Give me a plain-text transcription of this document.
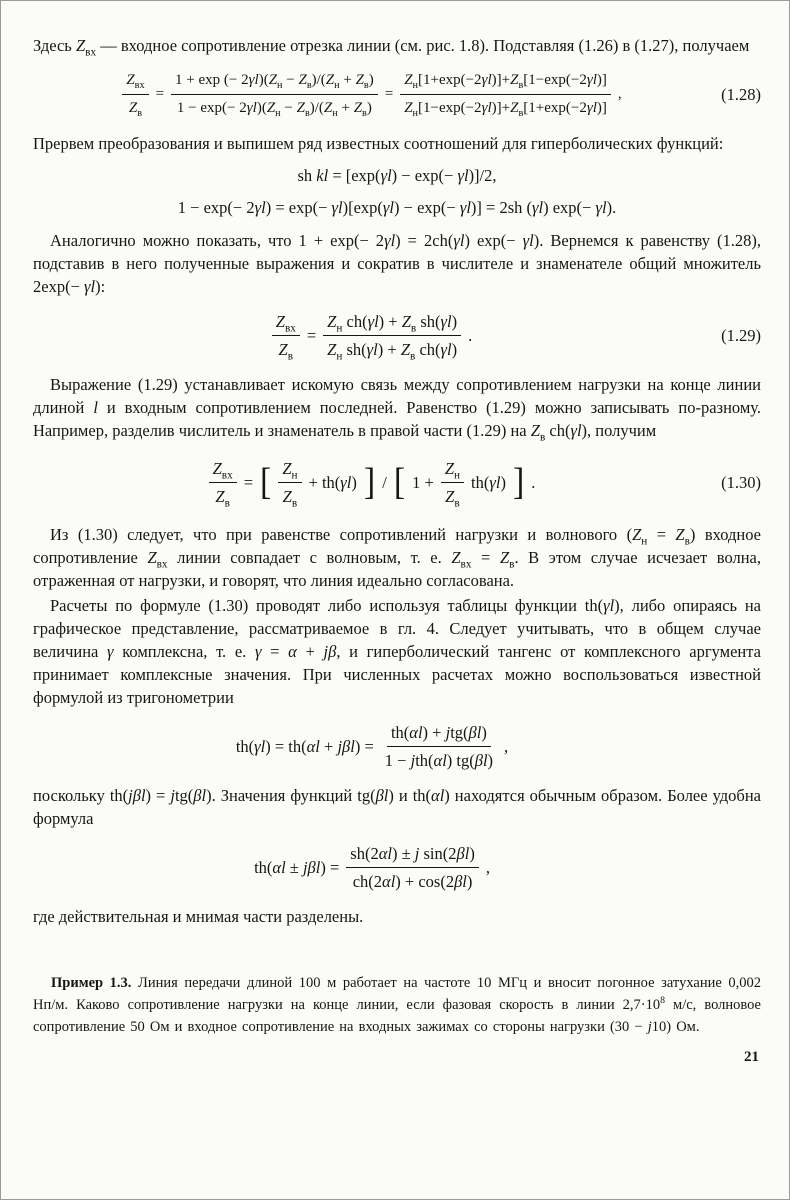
Здесь $Z_{вх}$ — входное сопротивление отрезка линии (см. рис. 1.8). Подставляя (1.26) в (1.27), получаем

$\frac{Z_{вх}}{Z_в} = \frac{1 + \exp (- 2\gamma l)(Z_н - Z_в)/(Z_н + Z_в)}{1 - \exp(- 2\gamma l)(Z_н - Z_в)/(Z_н + Z_в)} = \frac{Z_н[1+\exp(-2\gamma l)]+Z_в[1-\exp(-2\gamma l)]}{Z_н[1-\exp(-2\gamma l)]+Z_в[1+\exp(-2\gamma l)]}$ ,	(1.28)

Прервем преобразования и выпишем ряд известных соотношений для гиперболических функций:

sh kl = [exp(γl) − exp(− γl)]/2,
1 − exp(− 2γl) = exp(− γl)[exp(γl) − exp(− γl)] = 2sh (γl) exp(− γl).

Аналогично можно показать, что 1 + exp(− 2γl) = 2ch(γl) exp(− γl). Вернемся к равенству (1.28), подставив в него полученные выражения и сократив в числителе и знаменателе общий множитель 2exp(− γl):

$\frac{Z_{вх}}{Z_в} = \frac{Z_н ch(\gamma l) + Z_в sh(\gamma l)}{Z_н sh(\gamma l) + Z_в ch(\gamma l)}$ .	(1.29)

Выражение (1.29) устанавливает искомую связь между сопротивлением нагрузки на конце линии длиной l и входным сопротивлением последней. Равенство (1.29) можно записывать по-разному. Например, разделив числитель и знаменатель в правой части (1.29) на $Z_в$ ch(γl), получим

$\frac{Z_{вх}}{Z_в}$ = [ $\frac{Z_н}{Z_в} + th(\gamma l)$ ] / [ $1 + \frac{Z_н}{Z_в} th(\gamma l)$ ] .	(1.30)

Из (1.30) следует, что при равенстве сопротивлений нагрузки и волнового $(Z_н = Z_в)$ входное сопротивление $Z_{вх}$ линии совпадает с волновым, т. е. $Z_{вх} = Z_в$. В этом случае исчезает волна, отраженная от нагрузки, и говорят, что линия идеально согласована.

Расчеты по формуле (1.30) проводят либо используя таблицы функции th(γl), либо опираясь на графическое представление, рассматриваемое в гл. 4. Следует учитывать, что в общем случае величина γ комплексна, т. е. γ = α + jβ, и гиперболический тангенс от комплексного аргумента принимает комплексные значения. При численных расчетах можно воспользоваться известной формулой из тригонометрии

$th(\gamma l) = th(\alpha l + j\beta l) = \frac{\text{th(αl) + jtg(βl)}}{\text{1 − jth(αl) tg(βl)}}$ ,

поскольку th(jβl) = jtg(βl). Значения функций tg(βl) и th(αl) находятся обычным образом. Более удобна формула

$th(\alpha l \pm j\beta l) = \frac{\text{sh(2αl) ± j sin(2βl)}}{ch(2\alpha l) + \cos(2\beta l)}$ ,

где действительная и мнимая части разделены.

Пример 1.3. Линия передачи длиной 100 м работает на частоте 10 МГц и вносит погонное затухание 0,002 Нп/м. Каково сопротивление нагрузки на конце линии, если фазовая скорость в линии $2,7\cdot 10^8$ м/с, волновое сопротивление 50 Ом и входное сопротивление на входных зажимах со стороны нагрузки (30 − j10) Ом.

21
